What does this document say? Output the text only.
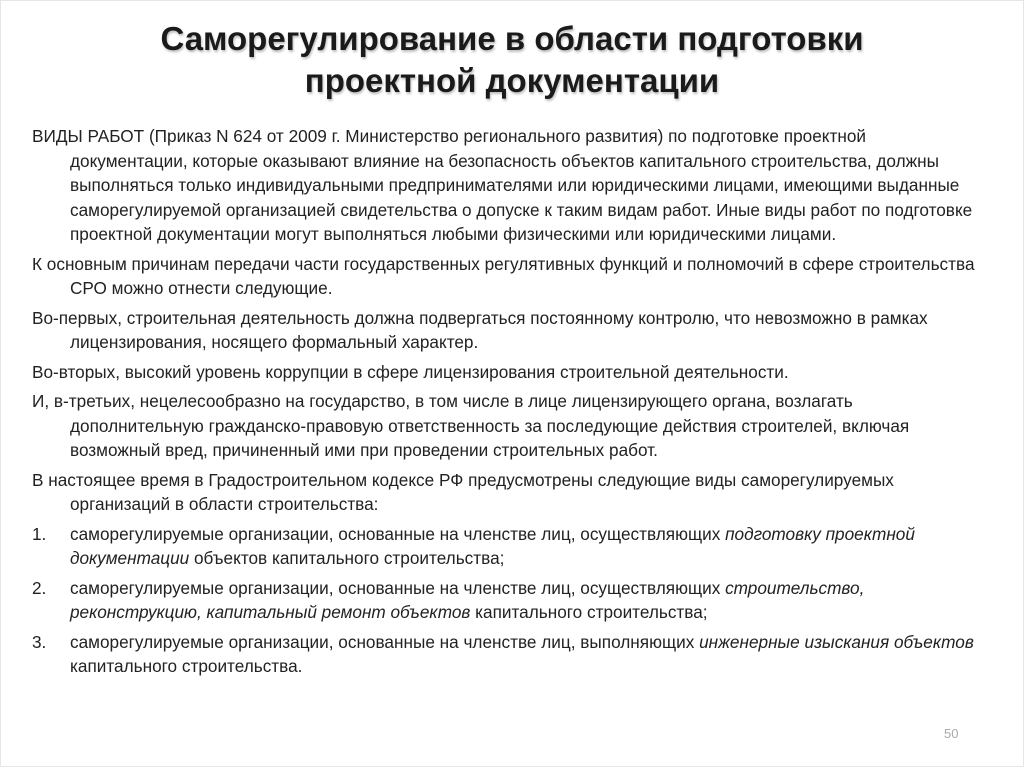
Саморегулирование в области подготовки
проектной документации

ВИДЫ РАБОТ (Приказ N 624 от 2009 г. Министерство регионального развития) по подготовке проектной документации, которые оказывают влияние на безопасность объектов капитального строительства, должны выполняться только индивидуальными предпринимателями или юридическими лицами, имеющими выданные саморегулируемой организацией свидетельства о допуске к таким видам работ. Иные виды работ по подготовке проектной документации могут выполняться любыми физическими или юридическими лицами.

К основным причинам передачи части государственных регулятивных функций и полномочий в сфере строительства СРО можно отнести следующие.

Во-первых, строительная деятельность должна подвергаться постоянному контролю, что невозможно в рамках лицензирования, носящего формальный характер.

Во-вторых, высокий уровень коррупции в сфере лицензирования строительной деятельности.

И, в-третьих, нецелесообразно на государство, в том числе в лице лицензирующего органа, возлагать дополнительную гражданско-правовую ответственность за последующие действия строителей, включая возможный вред, причиненный ими при проведении строительных работ.

В настоящее время в Градостроительном кодексе РФ предусмотрены следующие виды саморегулируемых организаций в области строительства:

1. саморегулируемые организации, основанные на членстве лиц, осуществляющих подготовку проектной документации объектов капитального строительства;
2. саморегулируемые организации, основанные на членстве лиц, осуществляющих строительство, реконструкцию, капитальный ремонт объектов капитального строительства;
3. саморегулируемые организации, основанные на членстве лиц, выполняющих инженерные изыскания объектов капитального строительства.
50
